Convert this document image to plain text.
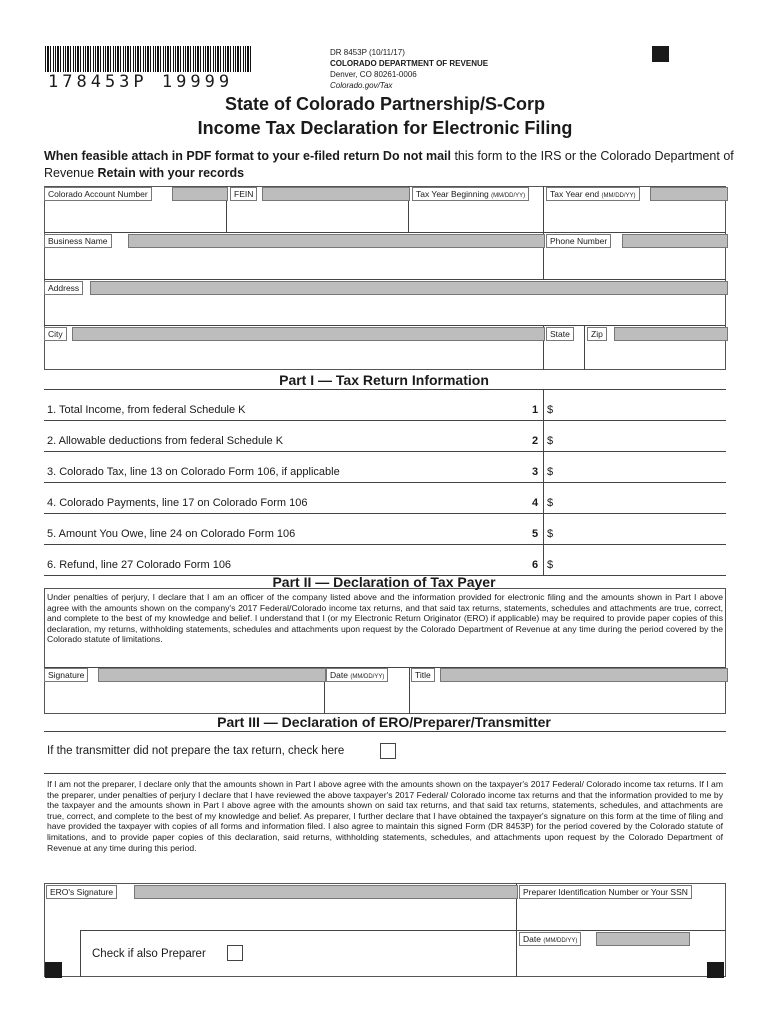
178453P 19999
DR 8453P (10/11/17)
COLORADO DEPARTMENT OF REVENUE
Denver, CO 80261-0006
Colorado.gov/Tax
State of Colorado Partnership/S-Corp
Income Tax Declaration for Electronic Filing
When feasible attach in PDF format to your e-filed return Do not mail this form to the IRS or the Colorado Department of Revenue Retain with your records
Colorado Account Number	FEIN	Tax Year Beginning (MM/DD/YY)	Tax Year end (MM/DD/YY)
Business Name	Phone Number
Address
City	State	Zip
Part I — Tax Return Information
1. Total Income, from federal Schedule K	1 $
2. Allowable deductions from federal Schedule K	2 $
3. Colorado Tax, line 13 on Colorado Form 106, if applicable	3 $
4. Colorado Payments, line 17 on Colorado Form 106	4 $
5. Amount You Owe, line 24 on Colorado Form 106	5 $
6. Refund, line 27 Colorado Form 106	6 $
Part II — Declaration of Tax Payer
Under penalties of perjury, I declare that I am an officer of the company listed above and the information provided for electronic filing and the amounts shown in Part I above agree with the amounts shown on the company's 2017 Federal/Colorado income tax returns, and that said tax returns, statements, schedules and attachments are true, correct, and complete to the best of my knowledge and belief. I understand that I (or my Electronic Return Originator (ERO) if applicable) may be required to provide paper copies of this declaration, my returns, withholding statements, schedules and attachments upon request by the Colorado Department of Revenue at any time during the period covered by the Colorado statute of limitations.
Signature	Date (MM/DD/YY)	Title
Part III — Declaration of ERO/Preparer/Transmitter
If the transmitter did not prepare the tax return, check here
If I am not the preparer, I declare only that the amounts shown in Part I above agree with the amounts shown on the taxpayer's 2017 Federal/ Colorado income tax returns. If I am the preparer, under penalties of perjury I declare that I have reviewed the above taxpayer's 2017 Federal/ Colorado income tax returns and that the information provided to me by the taxpayer and the amounts shown in Part I above agree with the amounts shown on said tax returns, and that said tax returns, statements, schedules, and attachments are true, correct, and complete to the best of my knowledge and belief. As preparer, I further declare that I have obtained the taxpayer's signature on this form at the time of filing and have provided the taxpayer with copies of all forms and information filed. I also agree to maintain this signed Form (DR 8453P) for the period covered by the Colorado statute of limitations, and to provide paper copies of this declaration, said returns, withholding statements, schedules, and attachments upon request by the Colorado Department of Revenue at any time during this period.
ERO's Signature	Preparer Identification Number or Your SSN
Date (MM/DD/YY)
Check if also Preparer
